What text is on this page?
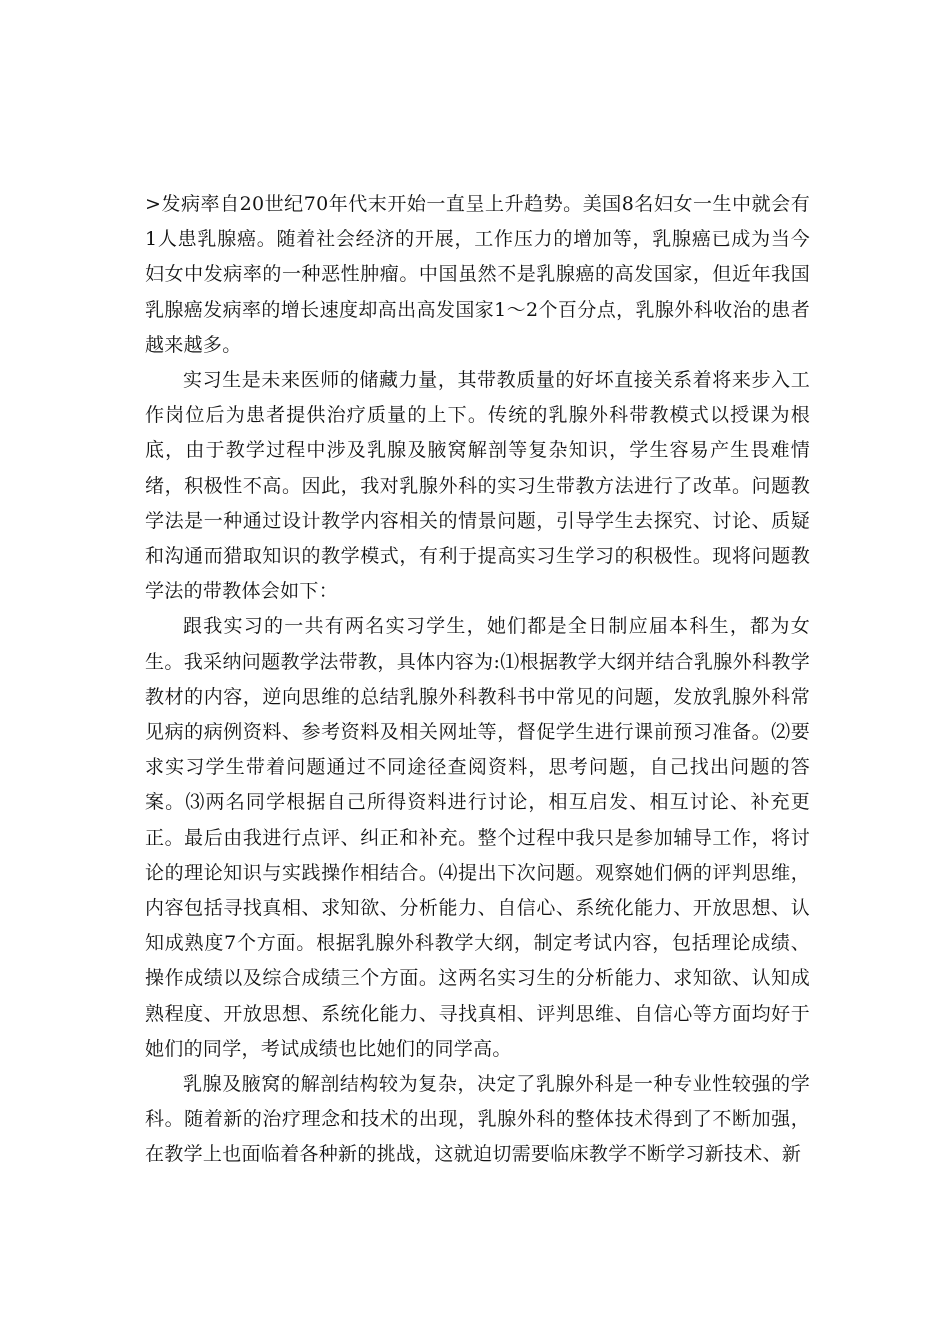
>发病率自20世纪70年代末开始一直呈上升趋势。美国8名妇女一生中就会有1人患乳腺癌。随着社会经济的开展，工作压力的增加等，乳腺癌已成为当今妇女中发病率的一种恶性肿瘤。中国虽然不是乳腺癌的高发国家，但近年我国乳腺癌发病率的增长速度却高出高发国家1～2个百分点，乳腺外科收治的患者越来越多。

实习生是未来医师的储藏力量，其带教质量的好坏直接关系着将来步入工作岗位后为患者提供治疗质量的上下。传统的乳腺外科带教模式以授课为根底，由于教学过程中涉及乳腺及腋窝解剖等复杂知识，学生容易产生畏难情绪，积极性不高。因此，我对乳腺外科的实习生带教方法进行了改革。问题教学法是一种通过设计教学内容相关的情景问题，引导学生去探究、讨论、质疑和沟通而猎取知识的教学模式，有利于提高实习生学习的积极性。现将问题教学法的带教体会如下：

跟我实习的一共有两名实习学生，她们都是全日制应届本科生，都为女生。我采纳问题教学法带教，具体内容为:⑴根据教学大纲并结合乳腺外科教学教材的内容，逆向思维的总结乳腺外科教科书中常见的问题，发放乳腺外科常见病的病例资料、参考资料及相关网址等，督促学生进行课前预习准备。⑵要求实习学生带着问题通过不同途径查阅资料，思考问题，自己找出问题的答案。⑶两名同学根据自己所得资料进行讨论，相互启发、相互讨论、补充更正。最后由我进行点评、纠正和补充。整个过程中我只是参加辅导工作，将讨论的理论知识与实践操作相结合。⑷提出下次问题。观察她们俩的评判思维，内容包括寻找真相、求知欲、分析能力、自信心、系统化能力、开放思想、认知成熟度7个方面。根据乳腺外科教学大纲，制定考试内容，包括理论成绩、操作成绩以及综合成绩三个方面。这两名实习生的分析能力、求知欲、认知成熟程度、开放思想、系统化能力、寻找真相、评判思维、自信心等方面均好于她们的同学，考试成绩也比她们的同学高。

乳腺及腋窝的解剖结构较为复杂，决定了乳腺外科是一种专业性较强的学科。随着新的治疗理念和技术的出现，乳腺外科的整体技术得到了不断加强，在教学上也面临着各种新的挑战，这就迫切需要临床教学不断学习新技术、新
